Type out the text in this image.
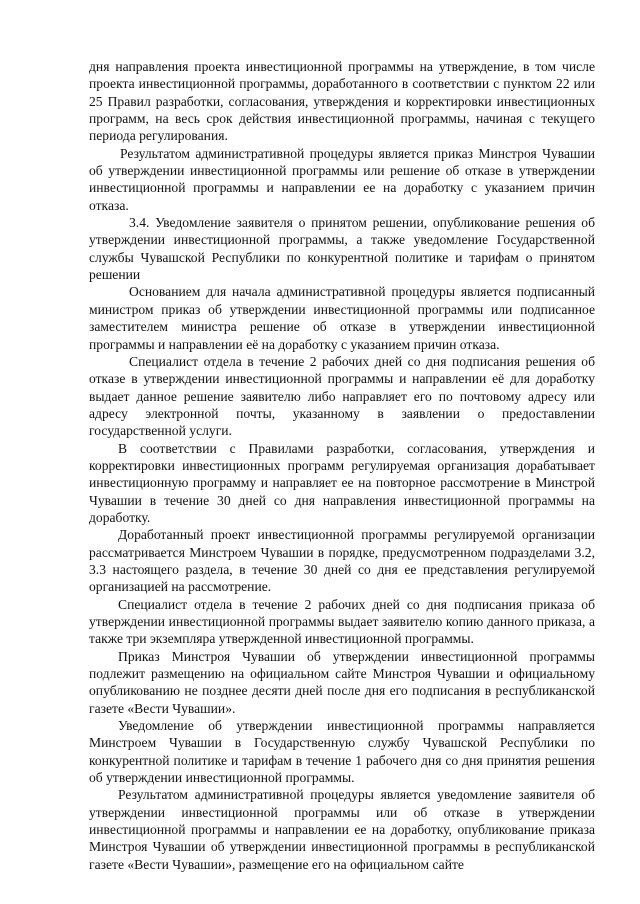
дня направления проекта инвестиционной программы на утверждение, в том числе проекта инвестиционной программы, доработанного в соответствии с пунктом 22 или 25 Правил разработки, согласования, утверждения и корректировки инвестиционных программ, на весь срок действия инвестиционной программы, начиная с текущего периода регулирования.

Результатом административной процедуры является приказ Минстроя Чувашии об утверждении инвестиционной программы или решение об отказе в утверждении инвестиционной программы и направлении ее на доработку с указанием причин отказа.

3.4. Уведомление заявителя о принятом решении, опубликование решения об утверждении инвестиционной программы, а также уведомление Государственной службы Чувашской Республики по конкурентной политике и тарифам о принятом решении

Основанием для начала административной процедуры является подписанный министром приказ об утверждении инвестиционной программы или подписанное заместителем министра решение об отказе в утверждении инвестиционной программы и направлении её на доработку с указанием причин отказа.

Специалист отдела в течение 2 рабочих дней со дня подписания решения об отказе в утверждении инвестиционной программы и направлении её для доработку выдает данное решение заявителю либо направляет его по почтовому адресу или адресу электронной почты, указанному в заявлении о предоставлении государственной услуги.

В соответствии с Правилами разработки, согласования, утверждения и корректировки инвестиционных программ регулируемая организация дорабатывает инвестиционную программу и направляет ее на повторное рассмотрение в Минстрой Чувашии в течение 30 дней со дня направления инвестиционной программы на доработку.

Доработанный проект инвестиционной программы регулируемой организации рассматривается Минстроем Чувашии в порядке, предусмотренном подразделами 3.2, 3.3 настоящего раздела, в течение 30 дней со дня ее представления регулируемой организацией на рассмотрение.

Специалист отдела в течение 2 рабочих дней со дня подписания приказа об утверждении инвестиционной программы выдает заявителю копию данного приказа, а также три экземпляра утвержденной инвестиционной программы.

Приказ Минстроя Чувашии об утверждении инвестиционной программы подлежит размещению на официальном сайте Минстроя Чувашии и официальному опубликованию не позднее десяти дней после дня его подписания в республиканской газете «Вести Чувашии».

Уведомление об утверждении инвестиционной программы направляется Минстроем Чувашии в Государственную службу Чувашской Республики по конкурентной политике и тарифам в течение 1 рабочего дня со дня принятия решения об утверждении инвестиционной программы.

Результатом административной процедуры является уведомление заявителя об утверждении инвестиционной программы или об отказе в утверждении инвестиционной программы и направлении ее на доработку, опубликование приказа Минстроя Чувашии об утверждении инвестиционной программы в республиканской газете «Вести Чувашии», размещение его на официальном сайте
